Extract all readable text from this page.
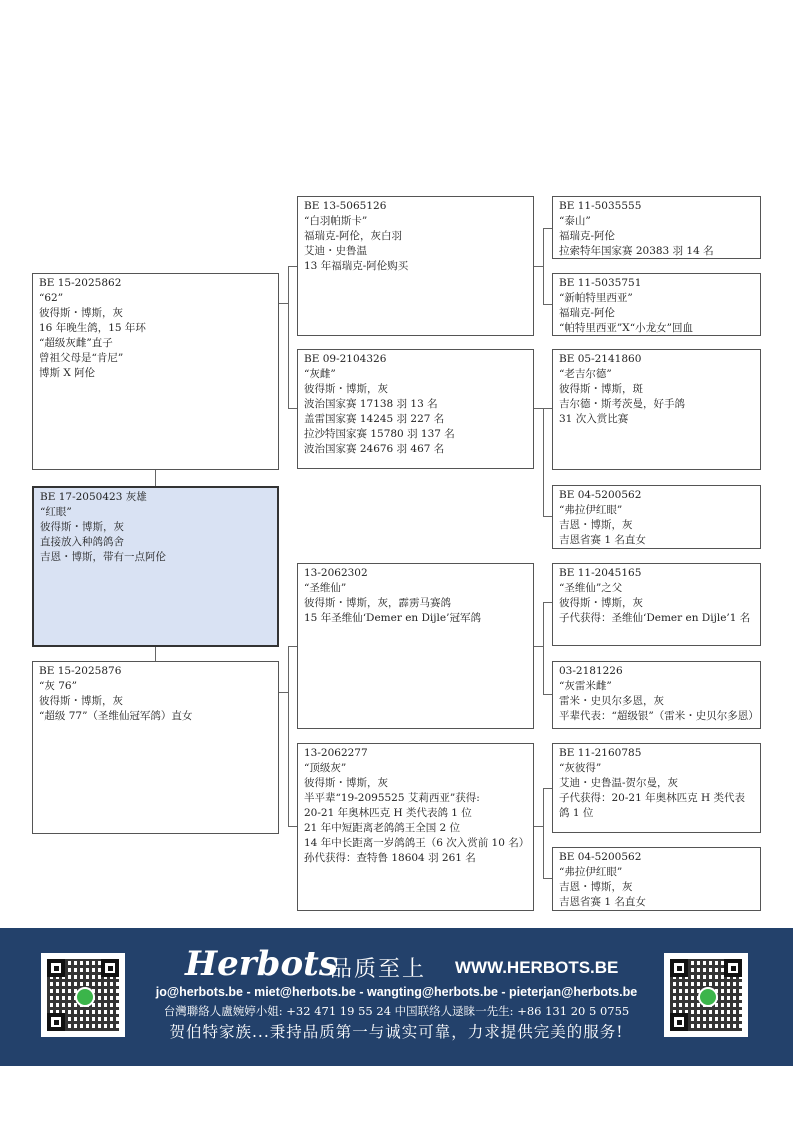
BE 15-2025862
“62”
彼得斯・博斯，灰
16 年晚生鸽，15 年环
“超级灰雌”直子
曾祖父母是“肯尼”
博斯 X 阿伦
BE 17-2050423 灰雄
“红眼”
彼得斯・博斯，灰
直接放入种鸽鸽舍
吉恩・博斯，带有一点阿伦
BE 15-2025876
“灰 76”
彼得斯・博斯，灰
“超级 77”（圣维仙冠军鸽）直女
BE 13-5065126
“白羽帕斯卡”
福瑞克-阿伦，灰白羽
艾迪・史鲁温
13 年福瑞克-阿伦购买
BE 09-2104326
“灰雌”
彼得斯・博斯，灰
波治国家赛 17138 羽 13 名
盖雷国家赛 14245 羽 227 名
拉沙特国家赛 15780 羽 137 名
波治国家赛 24676 羽 467 名
13-2062302
“圣维仙”
彼得斯・博斯，灰，霹雳马赛鸽
15 年圣维仙‘Demer en Dijle’冠军鸽
13-2062277
“顶级灰”
彼得斯・博斯，灰
半平辈“19-2095525 艾莉西亚”获得:
20-21 年奥林匹克 H 类代表鸽 1 位
21 年中短距离老鸽鸽王全国 2 位
14 年中长距离一岁鸽鸽王（6 次入赏前 10 名）
孙代获得：查特鲁 18604 羽 261 名
BE 11-5035555
“泰山”
福瑞克-阿伦
拉索特年国家赛 20383 羽 14 名
BE 11-5035751
“新帕特里西亚”
福瑞克-阿伦
“帕特里西亚”X“小龙女”回血
BE 05-2141860
“老吉尔德”
彼得斯・博斯，斑
吉尔德・斯考茨曼，好手鸽
31 次入赏比赛
BE 04-5200562
“弗拉伊红眼”
吉恩・博斯，灰
吉恩省赛 1 名直女
BE 11-2045165
“圣维仙”之父
彼得斯・博斯，灰
子代获得：圣维仙‘Demer en Dijle’1 名
03-2181226
“灰雷米雌”
雷米・史贝尔多恩，灰
平辈代表：“超级银”（雷米・史贝尔多恩）
BE 11-2160785
“灰彼得”
艾迪・史鲁温-贺尔曼，灰
子代获得：20-21 年奥林匹克 H 类代表鸽 1 位
BE 04-5200562
“弗拉伊红眼”
吉恩・博斯，灰
吉恩省赛 1 名直女
Herbots
品质至上 WWW.HERBOTS.BE
jo@herbots.be - miet@herbots.be - wangting@herbots.be - pieterjan@herbots.be
台灣聯絡人盧婉婷小姐: +32 471 19 55 24 中国联络人逯睐一先生: +86 131 20 5 0755
贺伯特家族...秉持品质第一与诚实可靠，力求提供完美的服务!
